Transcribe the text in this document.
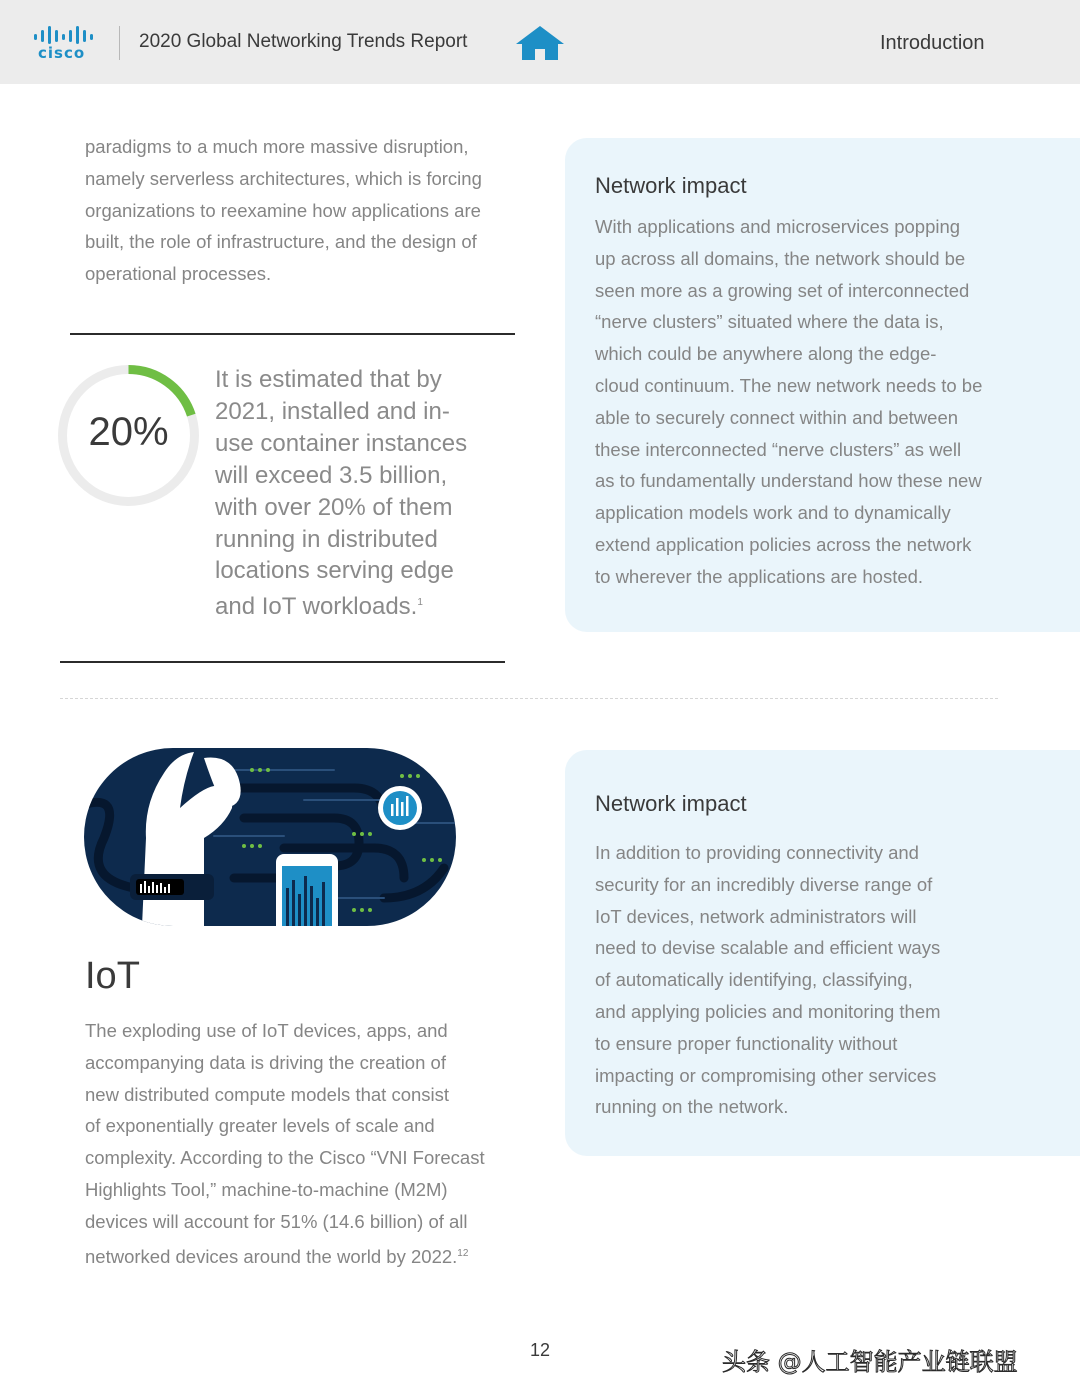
cisco
2020 Global Networking Trends Report	Introduction

paradigms to a much more massive disruption,
namely serverless architectures, which is forcing
organizations to reexamine how applications are
built, the role of infrastructure, and the design of
operational processes.

20%

It is estimated that by
2021, installed and in-
use container instances
will exceed 3.5 billion,
with over 20% of them
running in distributed
locations serving edge
and IoT workloads.$^1$

Network impact

With applications and microservices popping
up across all domains, the network should be
seen more as a growing set of interconnected
“nerve clusters” situated where the data is,
which could be anywhere along the edge-
cloud continuum. The new network needs to be
able to securely connect within and between
these interconnected “nerve clusters” as well
as to fundamentally understand how these new
application models work and to dynamically
extend application policies across the network
to wherever the applications are hosted.

IoT

The exploding use of IoT devices, apps, and
accompanying data is driving the creation of
new distributed compute models that consist
of exponentially greater levels of scale and
complexity. According to the Cisco “VNI Forecast
Highlights Tool,” machine-to-machine (M2M)
devices will account for 51% (14.6 billion) of all
networked devices around the world by 2022.12

Network impact

In addition to providing connectivity and
security for an incredibly diverse range of
IoT devices, network administrators will
need to devise scalable and efficient ways
of automatically identifying, classifying,
and applying policies and monitoring them
to ensure proper functionality without
impacting or compromising other services
running on the network.

12	头条 @人工智能产业链联盟
